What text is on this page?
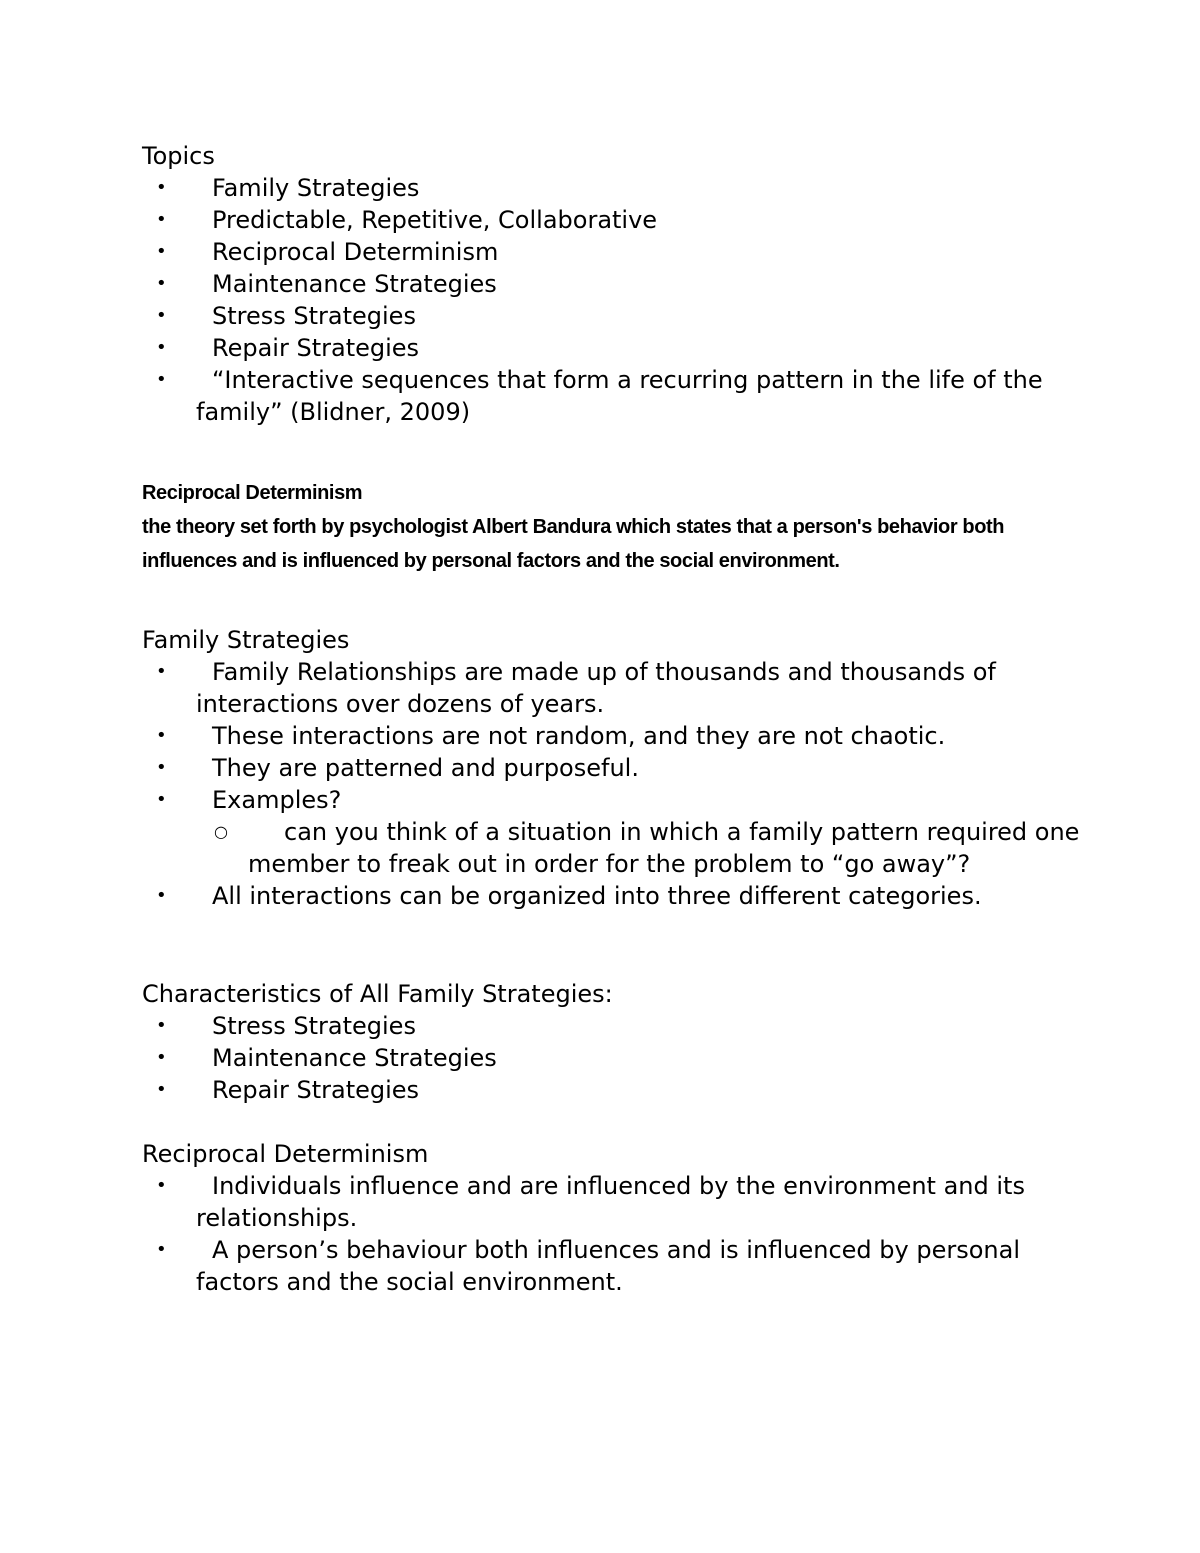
Topics

• Family Strategies
• Predictable, Repetitive, Collaborative
• Reciprocal Determinism
• Maintenance Strategies
• Stress Strategies
• Repair Strategies
• “Interactive sequences that form a recurring pattern in the life of the family” (Blidner, 2009)
Reciprocal Determinism
the theory set forth by psychologist Albert Bandura which states that a person's behavior both influences and is influenced by personal factors and the social environment.

Family Strategies

• Family Relationships are made up of thousands and thousands of interactions over dozens of years.
• These interactions are not random, and they are not chaotic.
• They are patterned and purposeful.
• Examples?
○ can you think of a situation in which a family pattern required one member to freak out in order for the problem to “go away”?
• All interactions can be organized into three different categories.

Characteristics of All Family Strategies:

• Stress Strategies
• Maintenance Strategies
• Repair Strategies

Reciprocal Determinism

• Individuals influence and are influenced by the environment and its relationships.
• A person’s behaviour both influences and is influenced by personal factors and the social environment.
